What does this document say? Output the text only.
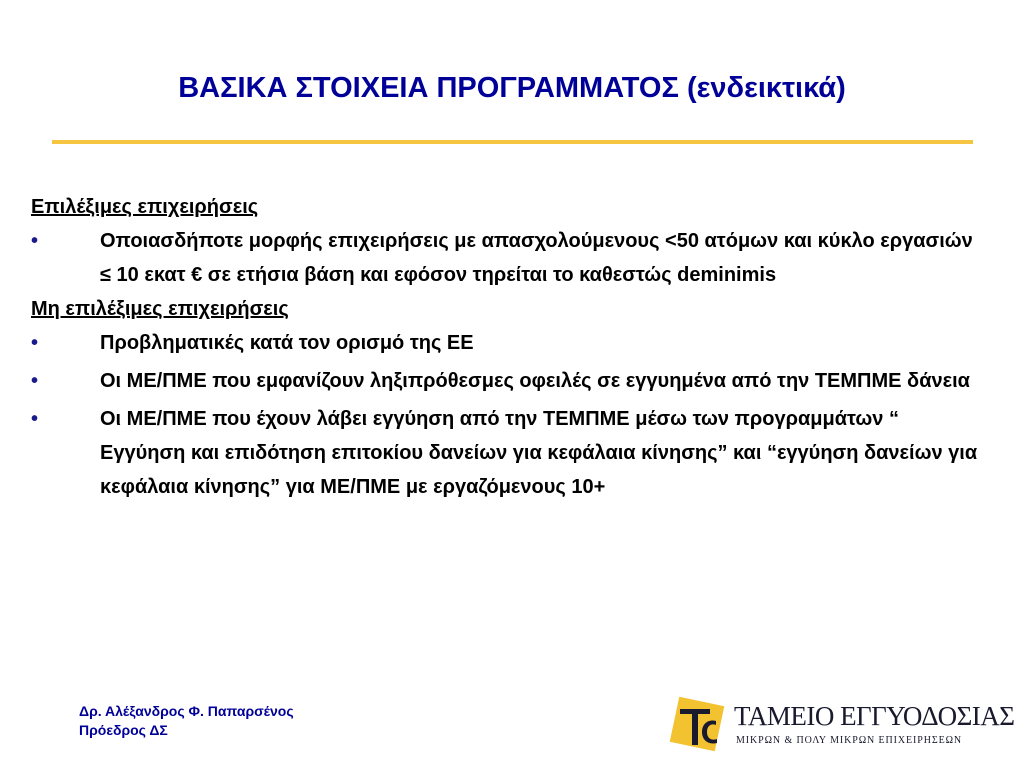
ΒΑΣΙΚΑ ΣΤΟΙΧΕΙΑ ΠΡΟΓΡΑΜΜΑΤΟΣ (ενδεικτικά)
Επιλέξιμες επιχειρήσεις
•	Οποιασδήποτε μορφής επιχειρήσεις με απασχολούμενους <50 ατόμων και κύκλο εργασιών ≤ 10 εκατ € σε ετήσια βάση και εφόσον τηρείται το καθεστώς deminimis
Μη επιλέξιμες επιχειρήσεις
•	Προβληματικές κατά τον ορισμό της ΕΕ
•	Οι ΜΕ/ΠΜΕ που εμφανίζουν ληξιπρόθεσμες οφειλές σε εγγυημένα από την ΤΕΜΠΜΕ δάνεια
•	Οι ΜΕ/ΠΜΕ που έχουν λάβει εγγύηση από την ΤΕΜΠΜΕ μέσω των προγραμμάτων “ Εγγύηση και επιδότηση επιτοκίου δανείων για κεφάλαια κίνησης” και “εγγύηση δανείων για κεφάλαια κίνησης” για ΜΕ/ΠΜΕ με εργαζόμενους 10+
Δρ. Αλέξανδρος Φ. Παπαρσένος
Πρόεδρος ΔΣ	ΤΑΜΕΙΟ ΕΓΓΥΟΔΟΣΙΑΣ
ΜΙΚΡΩΝ & ΠΟΛΥ ΜΙΚΡΩΝ ΕΠΙΧΕΙΡΗΣΕΩΝ
